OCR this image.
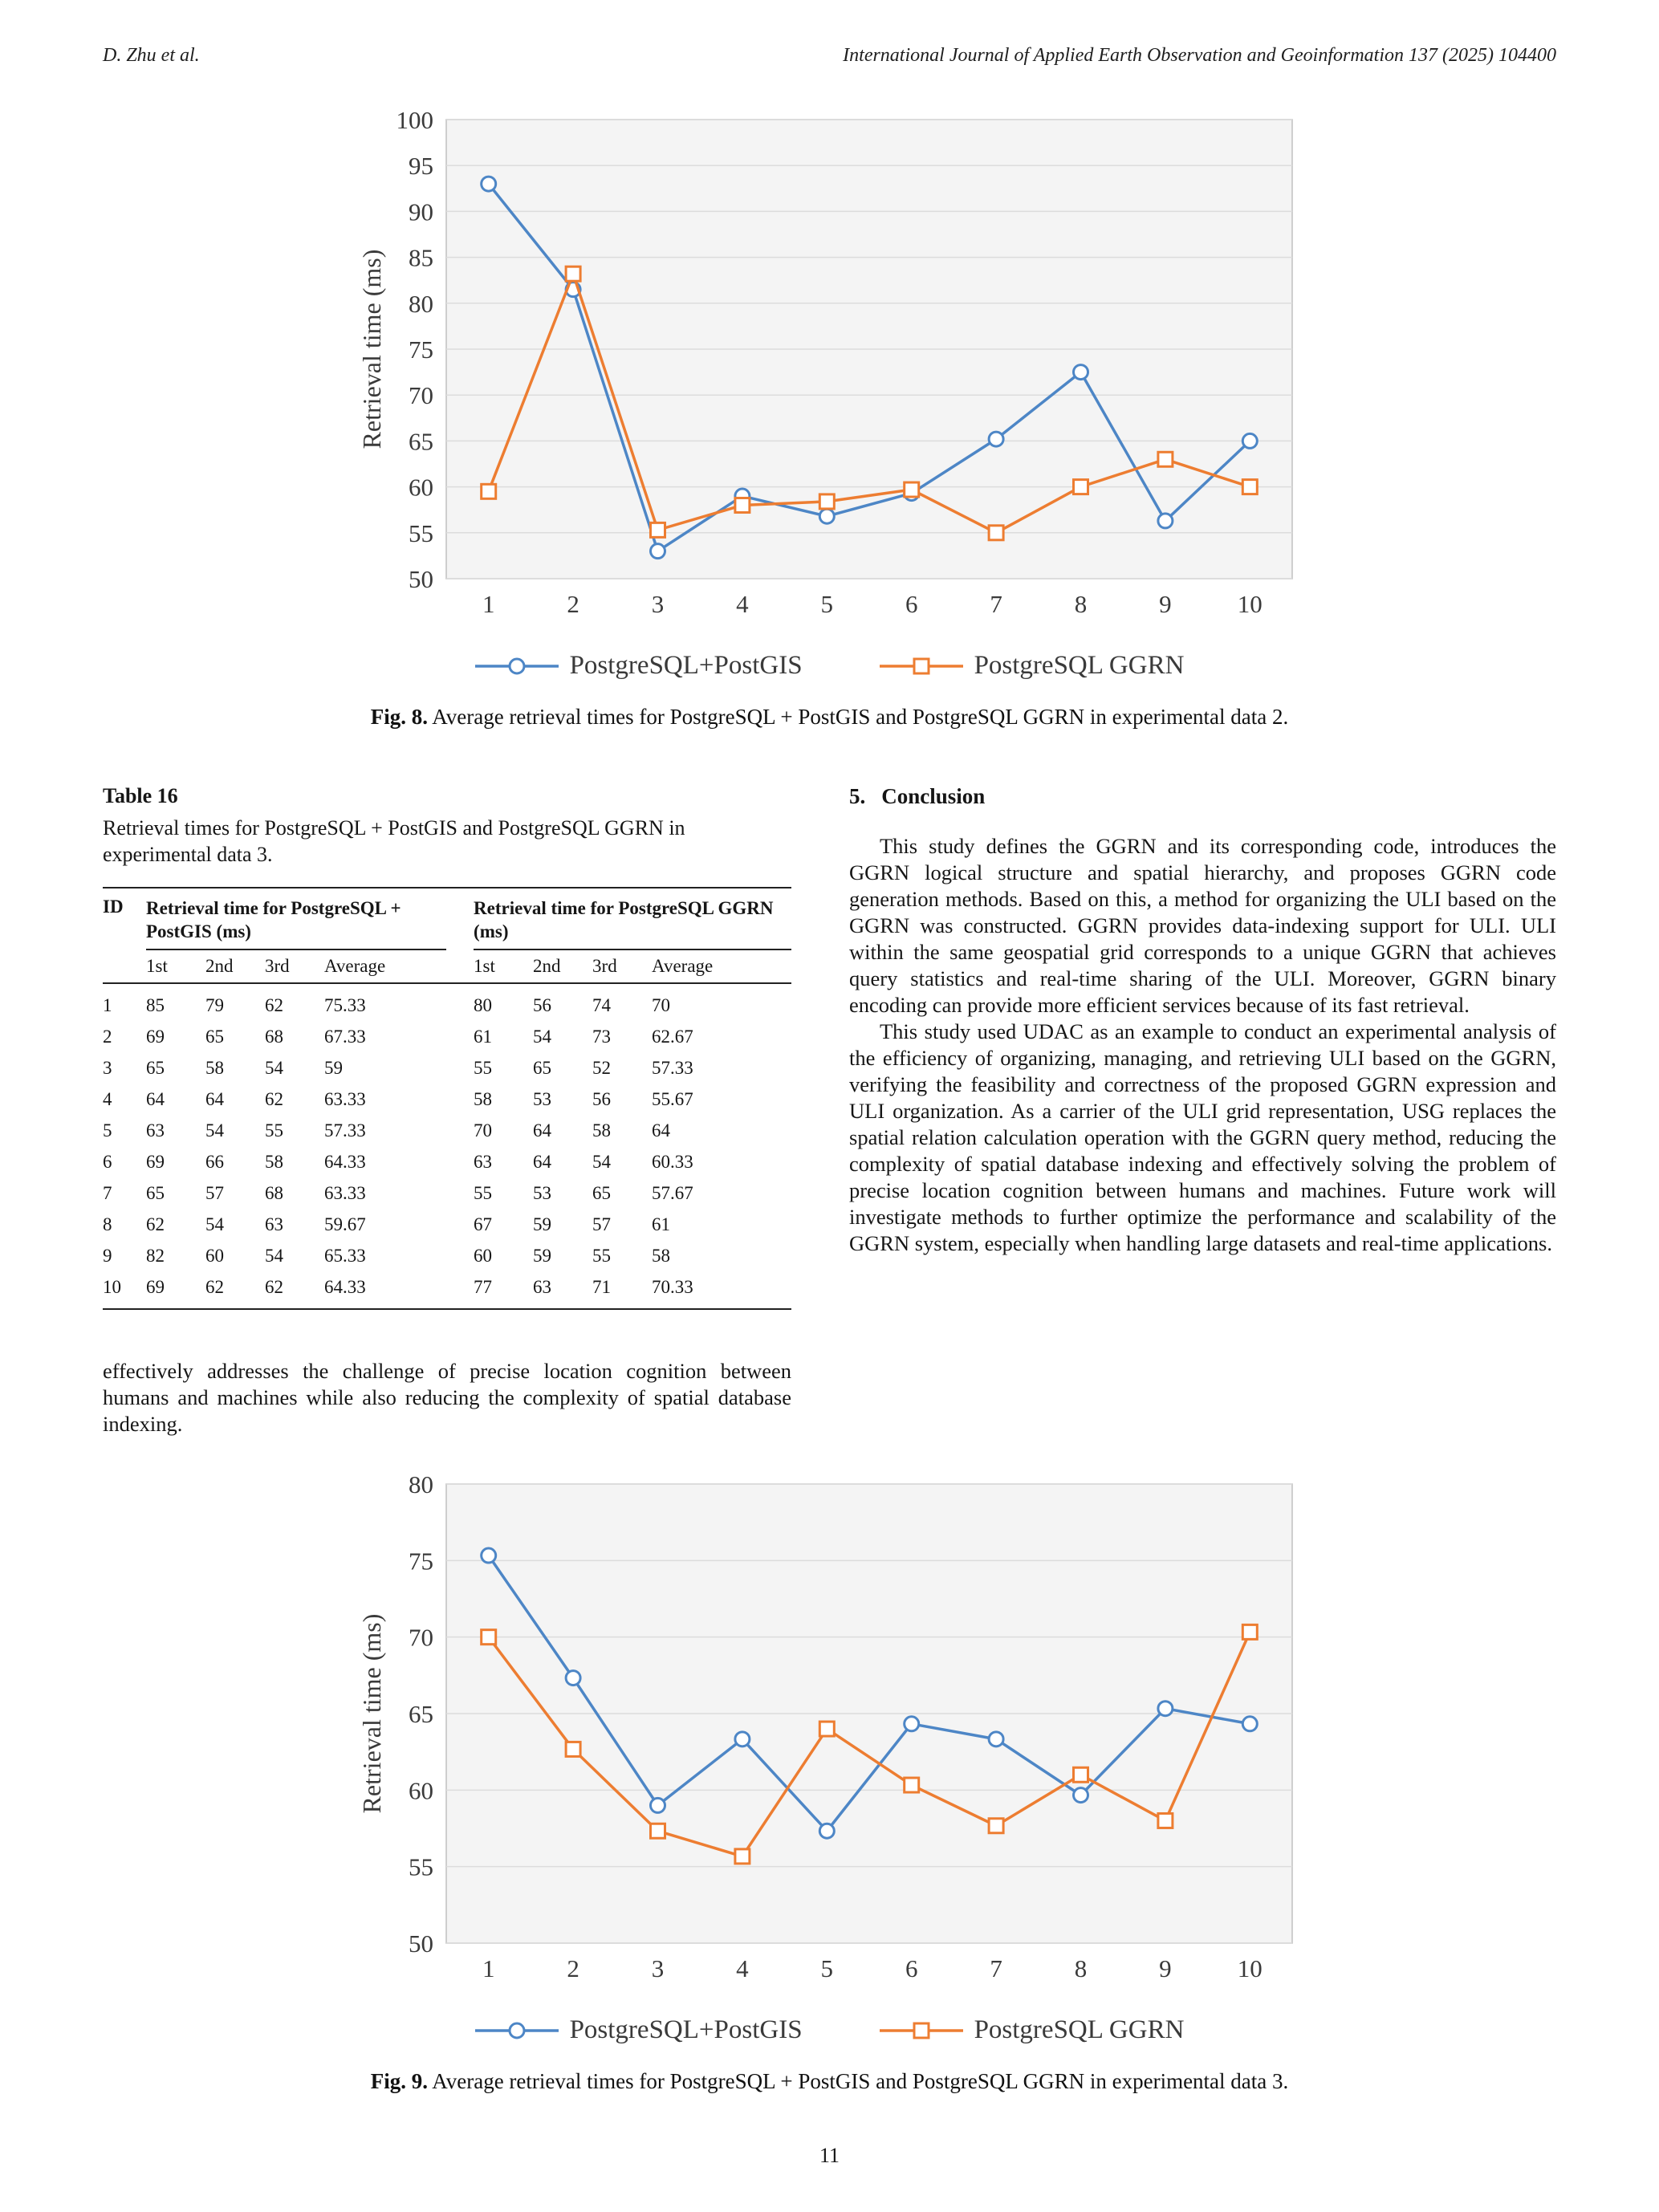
D. Zhu et al.	International Journal of Applied Earth Observation and Geoinformation 137 (2025) 104400
50
55
60
65
70
75
80
85
90
95
100
1	2	3	4	5	6	7	8	9	10
Retrieval time (ms)
PostgreSQL+PostGIS	PostgreSQL GGRN
Fig. 8. Average retrieval times for PostgreSQL + PostGIS and PostgreSQL GGRN in experimental data 2.
Table 16
Retrieval times for PostgreSQL + PostGIS and PostgreSQL GGRN in experimental data 3.
ID	Retrieval time for PostgreSQL + PostGIS (ms)					Retrieval time for PostgreSQL GGRN (ms)			
	1st	2nd	3rd	Average		1st	2nd	3rd	Average
1	85	79	62	75.33		80	56	74	70
2	69	65	68	67.33		61	54	73	62.67
3	65	58	54	59		55	65	52	57.33
4	64	64	62	63.33		58	53	56	55.67
5	63	54	55	57.33		70	64	58	64
6	69	66	58	64.33		63	64	54	60.33
7	65	57	68	63.33		55	53	65	57.67
8	62	54	63	59.67		67	59	57	61
9	82	60	54	65.33		60	59	55	58
10	69	62	62	64.33		77	63	71	70.33

effectively addresses the challenge of precise location cognition between humans and machines while also reducing the complexity of spatial database indexing.

5. Conclusion

This study defines the GGRN and its corresponding code, introduces the GGRN logical structure and spatial hierarchy, and proposes GGRN code generation methods. Based on this, a method for organizing the ULI based on the GGRN was constructed. GGRN provides data-indexing support for ULI. ULI within the same geospatial grid corresponds to a unique GGRN that achieves query statistics and real-time sharing of the ULI. Moreover, GGRN binary encoding can provide more efficient services because of its fast retrieval.

This study used UDAC as an example to conduct an experimental analysis of the efficiency of organizing, managing, and retrieving ULI based on the GGRN, verifying the feasibility and correctness of the proposed GGRN expression and ULI organization. As a carrier of the ULI grid representation, USG replaces the spatial relation calculation operation with the GGRN query method, reducing the complexity of spatial database indexing and effectively solving the problem of precise location cognition between humans and machines. Future work will investigate methods to further optimize the performance and scalability of the GGRN system, especially when handling large datasets and real-time applications.

50
55
60
65
70
75
80
1	2	3	4	5	6	7	8	9	10
Retrieval time (ms)
PostgreSQL+PostGIS	PostgreSQL GGRN
Fig. 9. Average retrieval times for PostgreSQL + PostGIS and PostgreSQL GGRN in experimental data 3.
11
